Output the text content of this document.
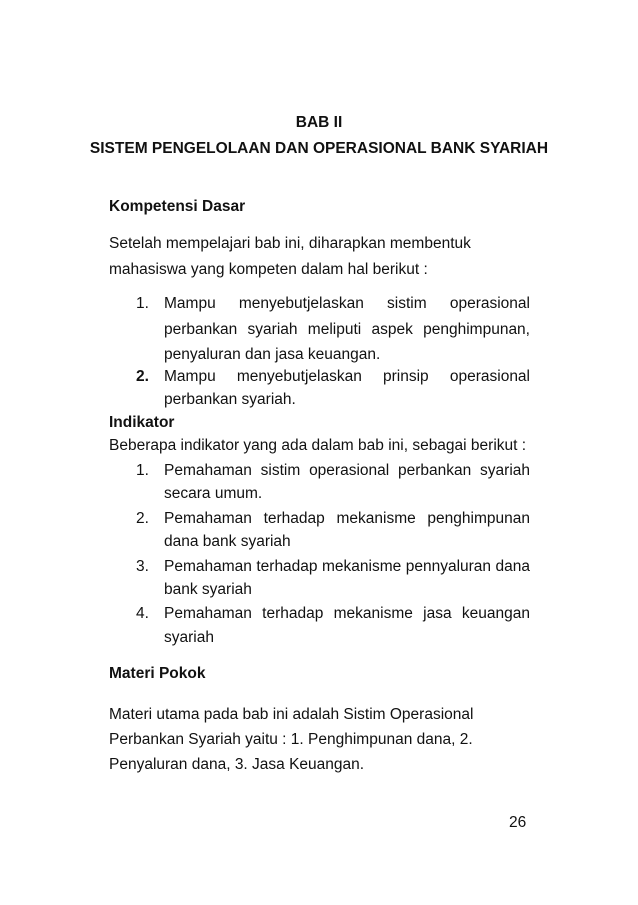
BAB II
SISTEM PENGELOLAAN DAN OPERASIONAL BANK SYARIAH
Kompetensi Dasar
Setelah mempelajari bab ini, diharapkan membentuk
mahasiswa yang kompeten dalam hal berikut :
1. Mampu menyebutjelaskan sistim operasional
perbankan syariah meliputi aspek penghimpunan,
penyaluran dan jasa keuangan.
2. Mampu menyebutjelaskan prinsip operasional
perbankan syariah.
Indikator
Beberapa indikator yang ada dalam bab ini, sebagai berikut :
1. Pemahaman sistim operasional perbankan syariah
secara umum.
2. Pemahaman terhadap mekanisme penghimpunan
dana bank syariah
3. Pemahaman terhadap mekanisme pennyaluran dana
bank syariah
4. Pemahaman terhadap mekanisme jasa keuangan
syariah
Materi Pokok
Materi utama pada bab ini adalah Sistim Operasional
Perbankan Syariah yaitu : 1. Penghimpunan dana, 2.
Penyaluran dana, 3. Jasa Keuangan.
26
